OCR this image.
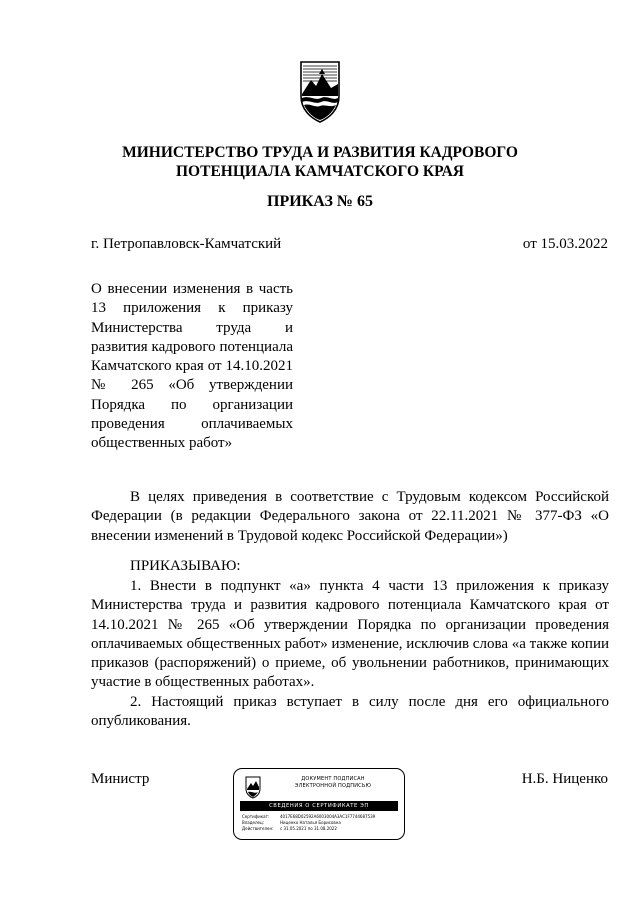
МИНИСТЕРСТВО ТРУДА И РАЗВИТИЯ КАДРОВОГО
ПОТЕНЦИАЛА КАМЧАТСКОГО КРАЯ
ПРИКАЗ № 65
г. Петропавловск-Камчатский	от 15.03.2022
О внесении изменения в часть 13 приложения к приказу Министерства труда и развития кадрового потенциала Камчатского края от 14.10.2021 № 265 «Об утверждении Порядка по организации проведения оплачиваемых общественных работ»
В целях приведения в соответствие с Трудовым кодексом Российской Федерации (в редакции Федерального закона от 22.11.2021 № 377-ФЗ «О внесении изменений в Трудовой кодекс Российской Федерации»)
ПРИКАЗЫВАЮ:

1. Внести в подпункт «а» пункта 4 части 13 приложения к приказу Министерства труда и развития кадрового потенциала Камчатского края от 14.10.2021 № 265 «Об утверждении Порядка по организации проведения оплачиваемых общественных работ» изменение, исключив слова «а также копии приказов (распоряжений) о приеме, об увольнении работников, принимающих участие в общественных работах».

2. Настоящий приказ вступает в силу после дня его официального опубликования.

Министр	Н.Б. Ниценко
ДОКУМЕНТ ПОДПИСАН
ЭЛЕКТРОННОЙ ПОДПИСЬЮ
СВЕДЕНИЯ О СЕРТИФИКАТЕ ЭП
Сертификат:	4017E68D02592A6003004A3AC1F7744687539
Владелец:	Ниценко Наталья Борисовна
Действителен:	с 31.05.2021 по 31.08.2022
